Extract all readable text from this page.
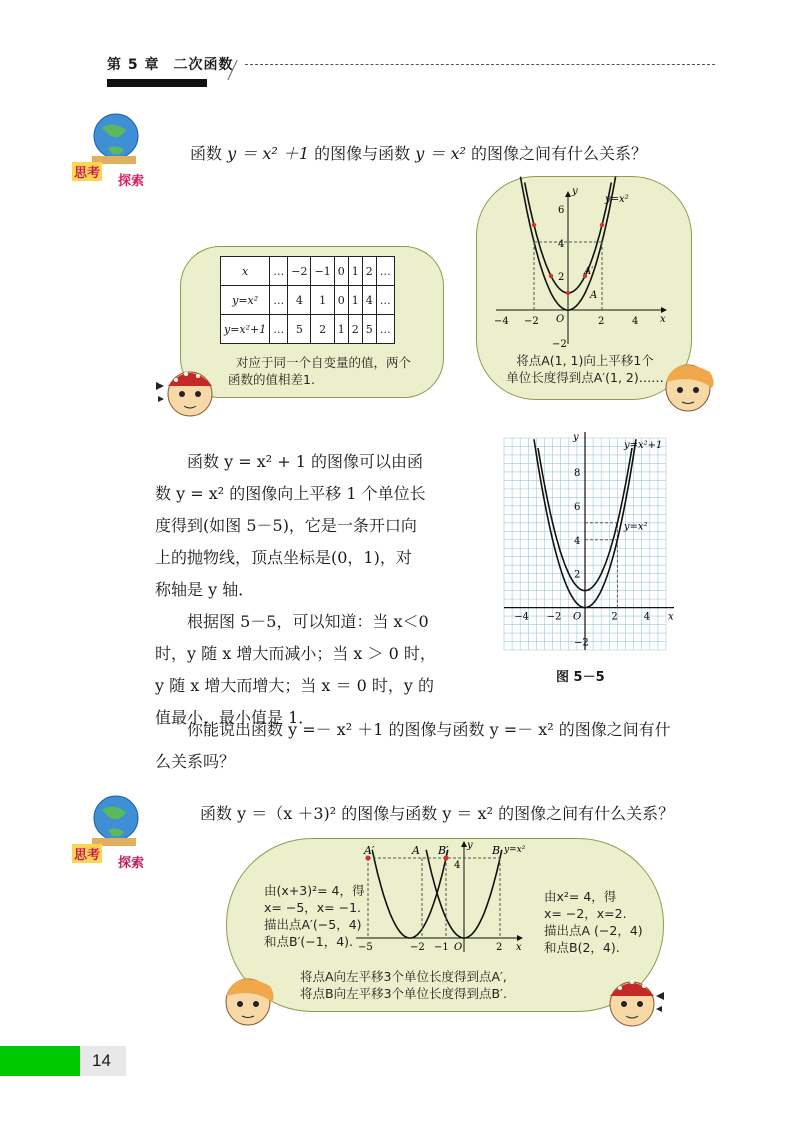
第 5 章 二次函数
思考
探索
函数 y ＝ x² ＋1 的图像与函数 y ＝ x² 的图像之间有什么关系？
x	…	−2	−1	0	1	2	…
y=x²	…	4	1	0	1	4	…
y=x²+1	…	5	2	1	2	5	…
对应于同一个自变量的值，两个
函数的值相差1.
y=x²
A′
A
O	x
y
−4 −2	2	4
6
4
2
−2
将点A(1, 1)向上平移1个
单位长度得到点A′(1, 2)……
函数 y = x² + 1 的图像可以由函
数 y = x² 的图像向上平移 1 个单位长
度得到(如图 5－5)，它是一条开口向
上的抛物线，顶点坐标是(0，1)，对
称轴是 y 轴．
根据图 5－5，可以知道：当 x＜0
时，y 随 x 增大而减小；当 x ＞ 0 时，
y 随 x 增大而增大；当 x ＝ 0 时，y 的
值最小，最小值是 1．
y=x²+1
y=x²
−4 −2 O	2	4
8
6
4
2
−2
x
y
图 5－5
你能说出函数 y =－ x² ＋1 的图像与函数 y =－ x² 的图像之间有什
么关系吗？
思考
探索
函数 y ＝（x ＋3)² 的图像与函数 y ＝ x² 的图像之间有什么关系？
A′	A B′	B y=x²
y
4
O	x
−5	−2 −1	2
由(x+3)²= 4，得
x= −5，x= −1.
描出点A′(−5，4)
和点B′(−1，4).
由x²= 4，得
x= −2，x=2.
描出点A (−2，4)
和点B(2，4).
将点A向左平移3个单位长度得到点A′,
将点B向左平移3个单位长度得到点B′.
14
